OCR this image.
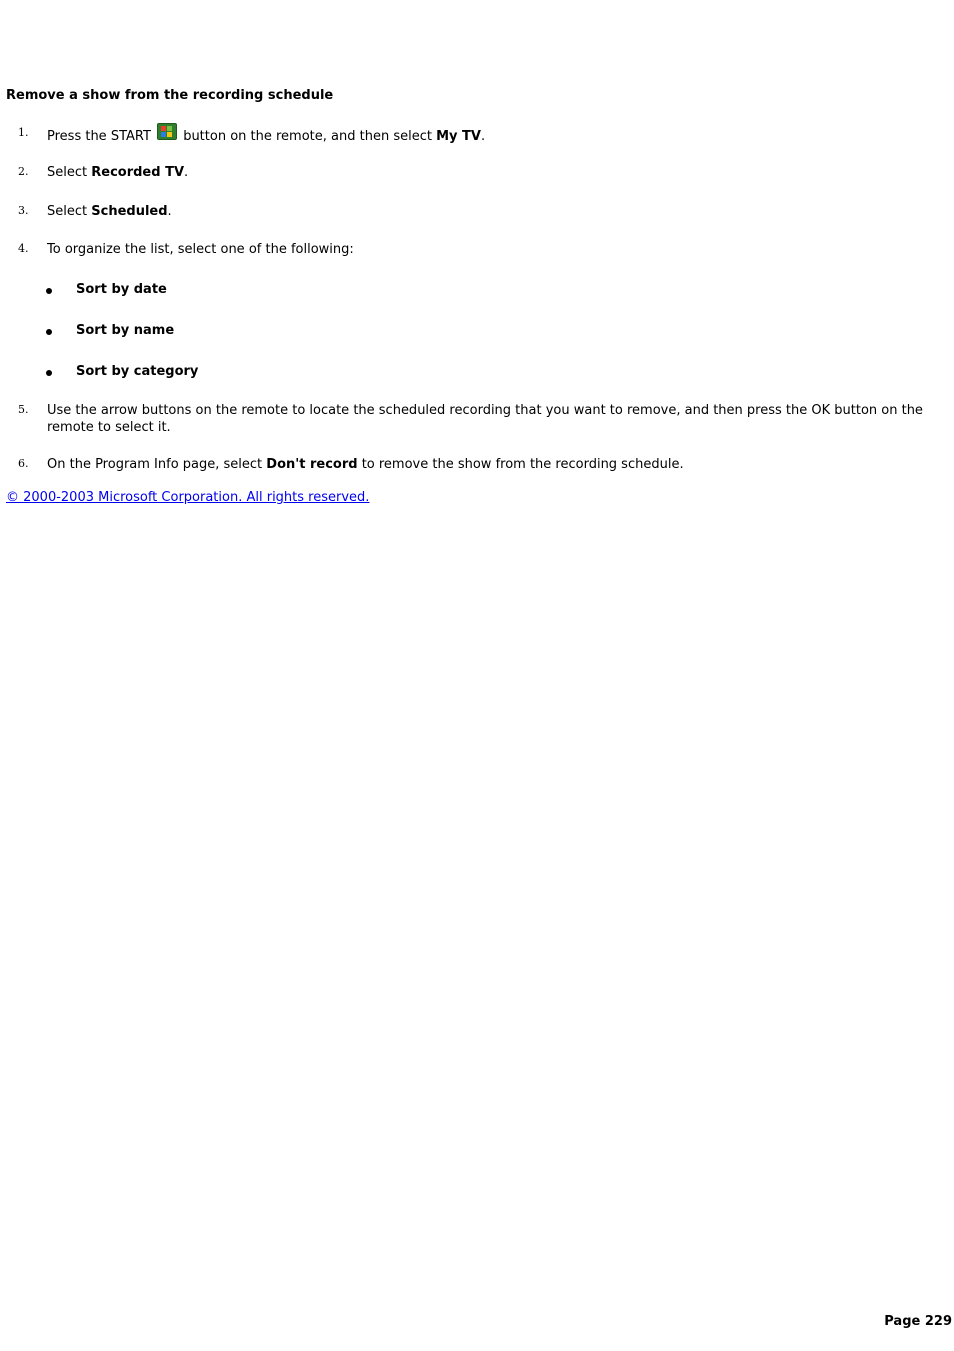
Remove a show from the recording schedule
1. Press the START
button on the remote, and then select My TV.
2. Select Recorded TV.
3. Select Scheduled.
4. To organize the list, select one of the following:
Sort by date
Sort by name
Sort by category
5. Use the arrow buttons on the remote to locate the scheduled recording that you want to remove, and then press the OK button on the remote to select it.
6. On the Program Info page, select Don't record to remove the show from the recording schedule.
© 2000-2003 Microsoft Corporation. All rights reserved.
Page 229
